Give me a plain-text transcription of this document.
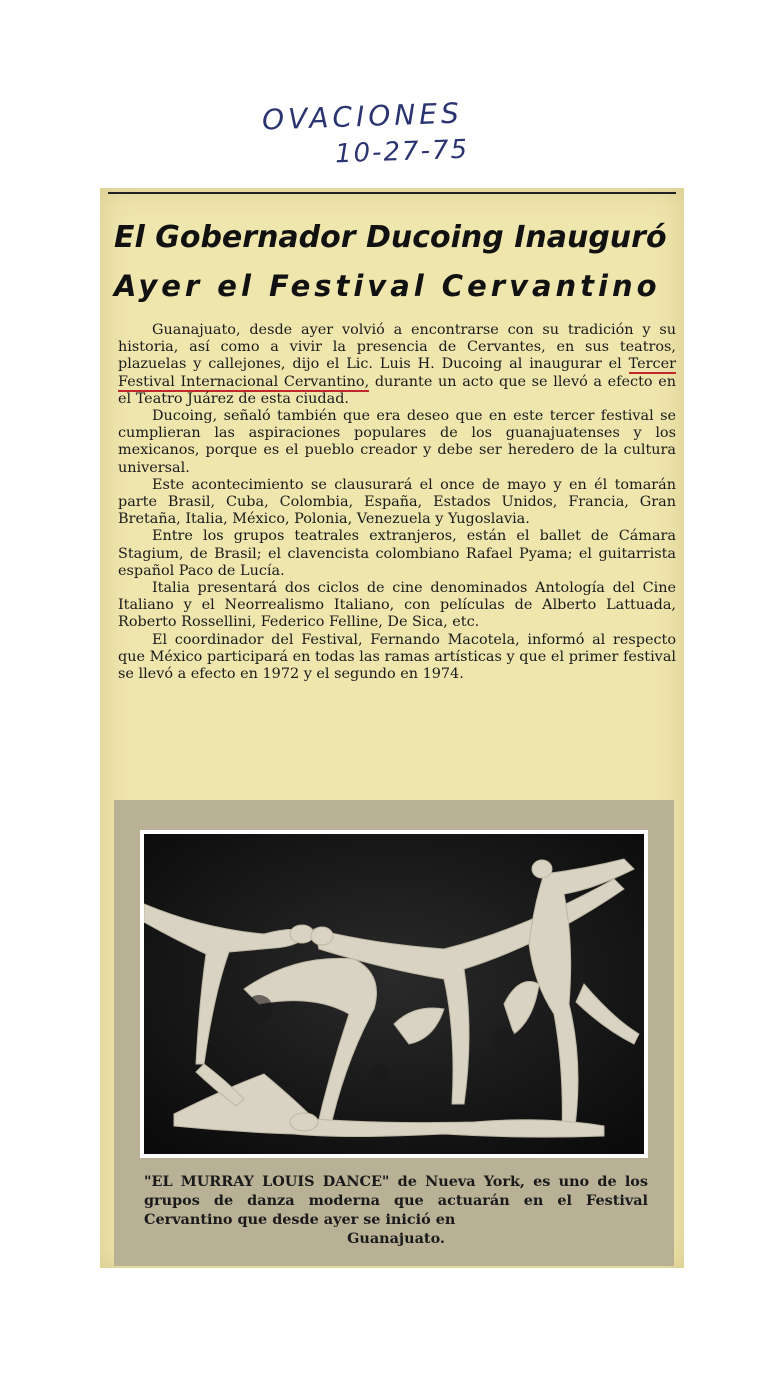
OVACIONES
10-27-75
El Gobernador Ducoing Inauguró
Ayer el Festival Cervantino

Guanajuato, desde ayer volvió a encontrarse con su tradición y su historia, así como a vivir la presencia de Cervantes, en sus teatros, plazuelas y callejones, dijo el Lic. Luis H. Ducoing al inaugurar el Tercer Festival Internacional Cervantino, durante un acto que se llevó a efecto en el Teatro Juárez de esta ciudad.

Ducoing, señaló también que era deseo que en este tercer festival se cumplieran las aspiraciones populares de los guanajuatenses y los mexicanos, porque es el pueblo creador y debe ser heredero de la cultura universal.

Este acontecimiento se clausurará el once de mayo y en él tomarán parte Brasil, Cuba, Colombia, España, Estados Unidos, Francia, Gran Bretaña, Italia, México, Polonia, Venezuela y Yugoslavia.

Entre los grupos teatrales extranjeros, están el ballet de Cámara Stagium, de Brasil; el clavencista colombiano Rafael Pyama; el guitarrista español Paco de Lucía.

Italia presentará dos ciclos de cine denominados Antología del Cine Italiano y el Neorrealismo Italiano, con películas de Alberto Lattuada, Roberto Rossellini, Federico Felline, De Sica, etc.

El coordinador del Festival, Fernando Macotela, informó al respecto que México participará en todas las ramas artísticas y que el primer festival se llevó a efecto en 1972 y el segundo en 1974.

"EL MURRAY LOUIS DANCE" de Nueva York, es uno de los grupos de danza moderna que actuarán en el Festival Cervantino que desde ayer se inició en
Guanajuato.
